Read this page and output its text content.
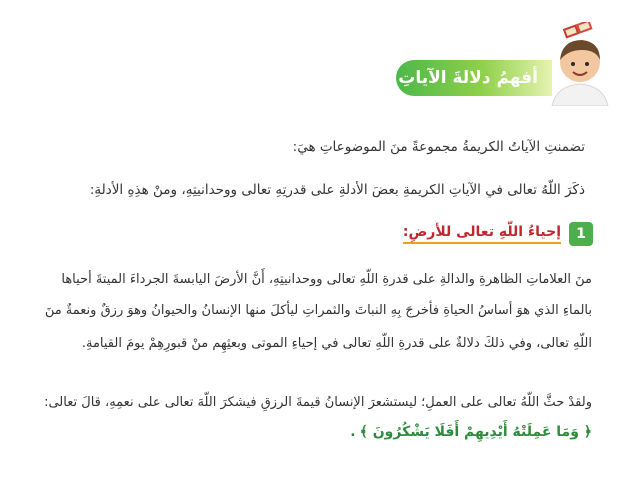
أفهمُ دلالةَ الآياتِ
تضمنتِ الآياتُ الكريمةُ مجموعةً منَ الموضوعاتِ هيَ:
ذكَرَ اللّهُ تعالى في الآياتِ الكريمةِ بعضَ الأدلةِ على قدرتِهِ تعالى ووحدانيتِهِ، ومنْ هذِهِ الأدلةِ:
1
إحياءُ اللّهِ تعالى للأرضِ:
منَ العلاماتِ الظاهرةِ والدالةِ على قدرةِ اللّهِ تعالى ووحدانيتِهِ، أَنَّ الأرضَ اليابسةَ الجرداءَ الميتةَ أحياها
بالماءِ الذي هوَ أساسُ الحياةِ فأخرجَ بِهِ النباتَ والثمراتِ ليأكلَ منها الإنسانُ والحيوانُ وهوَ رزقٌ ونعمةٌ منَ
اللّهِ تعالى، وفي ذلكَ دلالةٌ على قدرةِ اللّهِ تعالى في إحياءِ الموتى وبعثِهِم منْ قبورِهِمْ يومَ القيامةِ.
ولقدْ حثَّ اللّهُ تعالى على العملِ؛ ليستشعرَ الإنسانُ قيمةَ الرزقِ فيشكرَ اللّهَ تعالى على نعمِهِ، قالَ تعالى:
﴿ وَمَا عَمِلَتْهُ أَيْدِيهِمْ أَفَلَا يَشْكُرُونَ ﴾.
